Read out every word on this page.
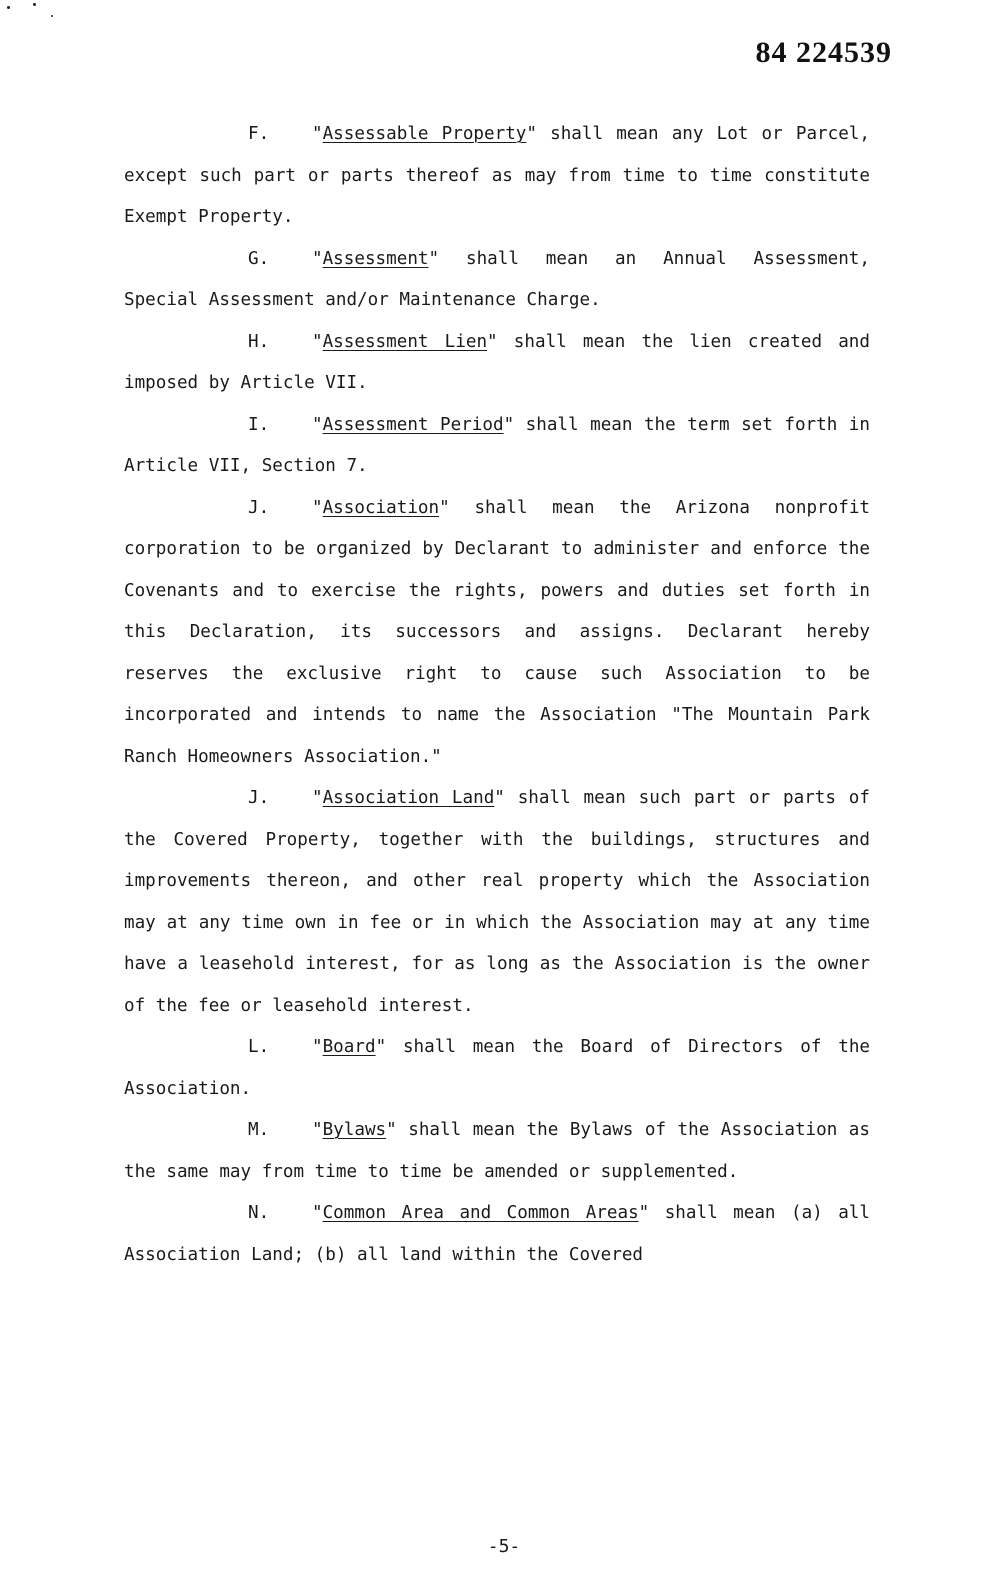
84 224539

F. "Assessable Property" shall mean any Lot or Parcel, except such part or parts thereof as may from time to time constitute Exempt Property.

G. "Assessment" shall mean an Annual Assessment, Special Assessment and/or Maintenance Charge.

H. "Assessment Lien" shall mean the lien created and imposed by Article VII.

I. "Assessment Period" shall mean the term set forth in Article VII, Section 7.

J. "Association" shall mean the Arizona nonprofit corporation to be organized by Declarant to administer and enforce the Covenants and to exercise the rights, powers and duties set forth in this Declaration, its successors and assigns. Declarant hereby reserves the exclusive right to cause such Association to be incorporated and intends to name the Association "The Mountain Park Ranch Homeowners Association."

J. "Association Land" shall mean such part or parts of the Covered Property, together with the buildings, structures and improvements thereon, and other real property which the Association may at any time own in fee or in which the Association may at any time have a leasehold interest, for as long as the Association is the owner of the fee or leasehold interest.

L. "Board" shall mean the Board of Directors of the Association.

M. "Bylaws" shall mean the Bylaws of the Association as the same may from time to time be amended or supplemented.

N. "Common Area and Common Areas" shall mean (a) all Association Land; (b) all land within the Covered

-5-
